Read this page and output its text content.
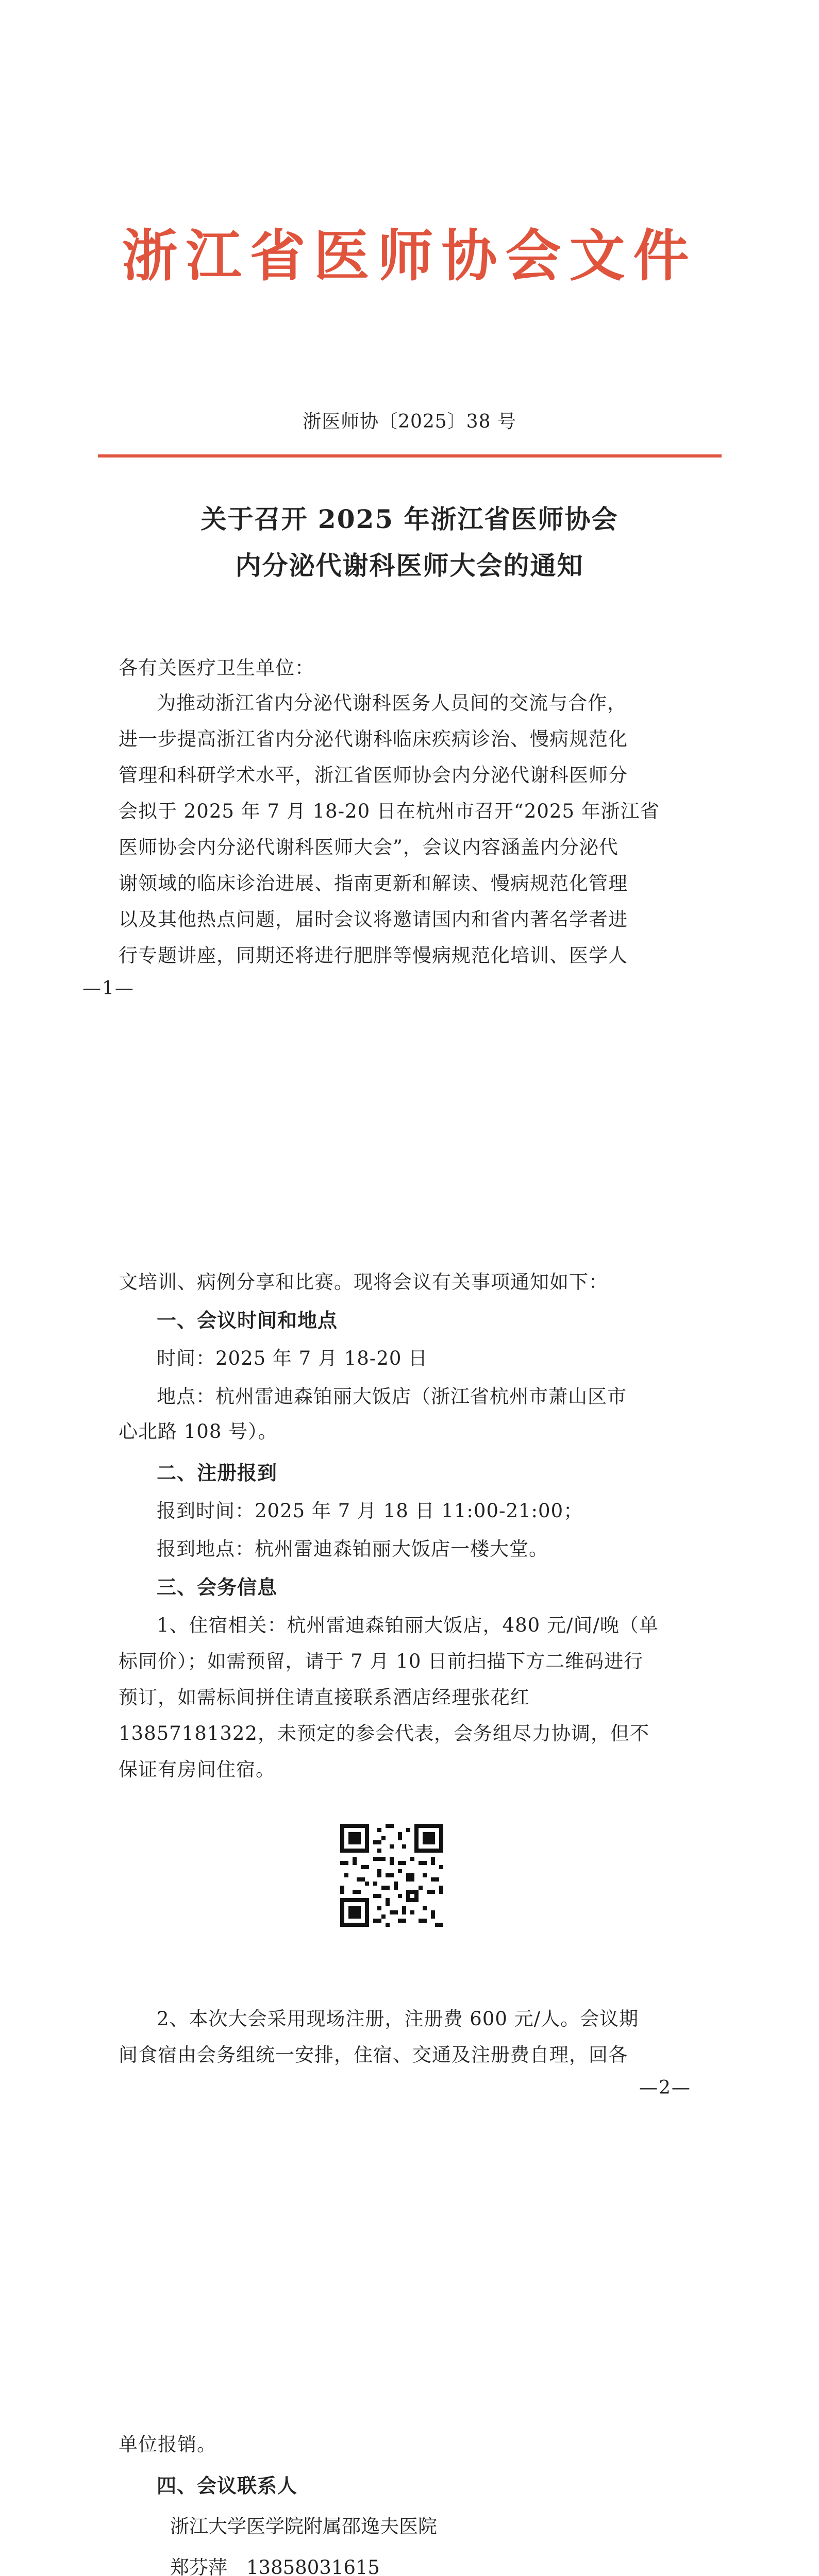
浙江省医师协会文件
浙医师协〔2025〕38 号
关于召开 2025 年浙江省医师协会
内分泌代谢科医师大会的通知
各有关医疗卫生单位：
为推动浙江省内分泌代谢科医务人员间的交流与合作，
进一步提高浙江省内分泌代谢科临床疾病诊治、慢病规范化
管理和科研学术水平，浙江省医师协会内分泌代谢科医师分
会拟于 2025 年 7 月 18-20 日在杭州市召开“2025 年浙江省
医师协会内分泌代谢科医师大会”，会议内容涵盖内分泌代
谢领域的临床诊治进展、指南更新和解读、慢病规范化管理
以及其他热点问题，届时会议将邀请国内和省内著名学者进
行专题讲座，同期还将进行肥胖等慢病规范化培训、医学人
—1—
文培训、病例分享和比赛。现将会议有关事项通知如下：
一、会议时间和地点
时间：2025 年 7 月 18-20 日
地点：杭州雷迪森铂丽大饭店（浙江省杭州市萧山区市
心北路 108 号）。
二、注册报到
报到时间：2025 年 7 月 18 日 11:00-21:00；
报到地点：杭州雷迪森铂丽大饭店一楼大堂。
三、会务信息
1、住宿相关：杭州雷迪森铂丽大饭店，480 元/间/晚（单
标同价）；如需预留，请于 7 月 10 日前扫描下方二维码进行
预订，如需标间拼住请直接联系酒店经理张花红
13857181322，未预定的参会代表，会务组尽力协调，但不
保证有房间住宿。
2、本次大会采用现场注册，注册费 600 元/人。会议期
间食宿由会务组统一安排，住宿、交通及注册费自理，回各
—2—
单位报销。
四、会议联系人
浙江大学医学院附属邵逸夫医院
郑芬萍　13858031615
